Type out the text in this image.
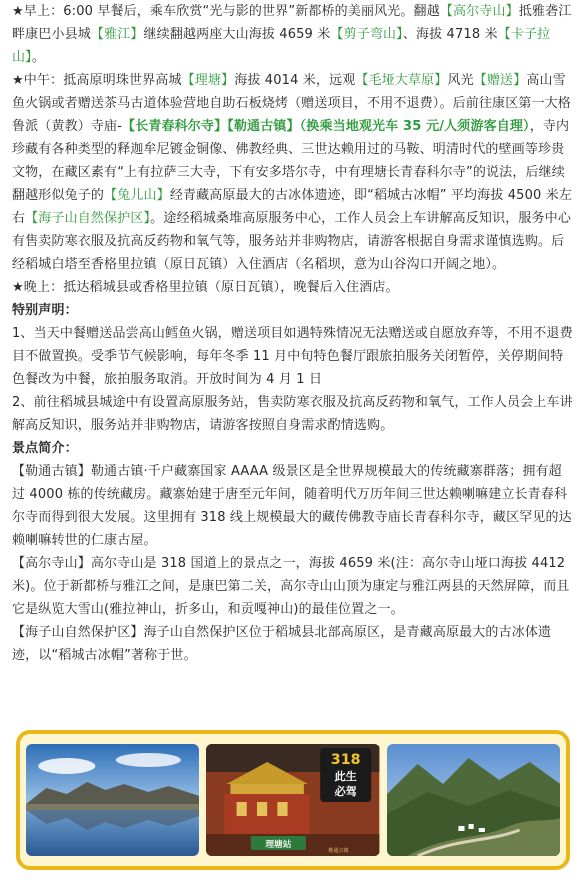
★早上：6:00 早餐后，乘车欣赏“光与影的世界”新都桥的美丽风光。翻越【高尔寺山】抵雅砻江畔康巴小县城【雅江】继续翻越两座大山海拔 4659 米【剪子弯山】、海拔 4718 米【卡子拉山】。

★中午：抵高原明珠世界高城【理塘】海拔 4014 米，远观【毛垭大草原】风光【赠送】高山雪鱼火锅或者赠送茶马古道体验营地自助石板烧烤（赠送项目，不用不退费）。后前往康区第一大格鲁派（黄教）寺庙-【长青春科尔寺】【勒通古镇】（换乘当地观光车 35 元/人须游客自理），寺内珍藏有各种类型的释迦牟尼镀金铜像、佛教经典、三世达赖用过的马鞍、明清时代的壁画等珍贵文物，在藏区素有“上有拉萨三大寺，下有安多塔尔寺，中有理塘长青春科尔寺”的说法，后继续翻越形似兔子的【兔儿山】经青藏高原最大的古冰体遗迹，即“稻城古冰帽” 平均海拔 4500 米左右【海子山自然保护区】。途经稻城桑堆高原服务中心，工作人员会上车讲解高反知识，服务中心有售卖防寒衣服及抗高反药物和氧气等，服务站并非购物店，请游客根据自身需求谨慎选购。后经稻城白塔至香格里拉镇（原日瓦镇）入住酒店（名稻坝，意为山谷沟口开阔之地）。

★晚上：抵达稻城县或香格里拉镇（原日瓦镇），晚餐后入住酒店。

特别声明：

1、当天中餐赠送品尝高山鳕鱼火锅，赠送项目如遇特殊情况无法赠送或自愿放弃等，不用不退费目不做置换。受季节气候影响，每年冬季 11 月中旬特色餐厅跟旅拍服务关闭暂停，关停期间特色餐改为中餐，旅拍服务取消。开放时间为 4 月 1 日

2、前往稻城县城途中有设置高原服务站，售卖防寒衣服及抗高反药物和氧气，工作人员会上车讲解高反知识，服务站并非购物店，请游客按照自身需求酌情选购。

景点简介：

【勒通古镇】勒通古镇·千户藏寨国家 AAAA 级景区是全世界规模最大的传统藏寨群落；拥有超过 4000 栋的传统藏房。藏寨始建于唐至元年间，随着明代万历年间三世达赖喇嘛建立长青春科尔寺而得到很大发展。这里拥有 318 线上规模最大的藏传佛教寺庙长青春科尔寺，藏区罕见的达赖喇嘛转世的仁康古屋。

【高尔寺山】高尔寺山是 318 国道上的景点之一，海拔 4659 米(注：高尔寺山垭口海拔 4412 米)。位于新都桥与雅江之间，是康巴第二关，高尔寺山山顶为康定与雅江两县的天然屏障，而且它是纵览大雪山(雅拉神山，折多山，和贡嘎神山)的最佳位置之一。

【海子山自然保护区】海子山自然保护区位于稻城县北部高原区，是青藏高原最大的古冰体遗迹，以“稻城古冰帽”著称于世。

理塘站
勒通古镇
318
此生
必驾
